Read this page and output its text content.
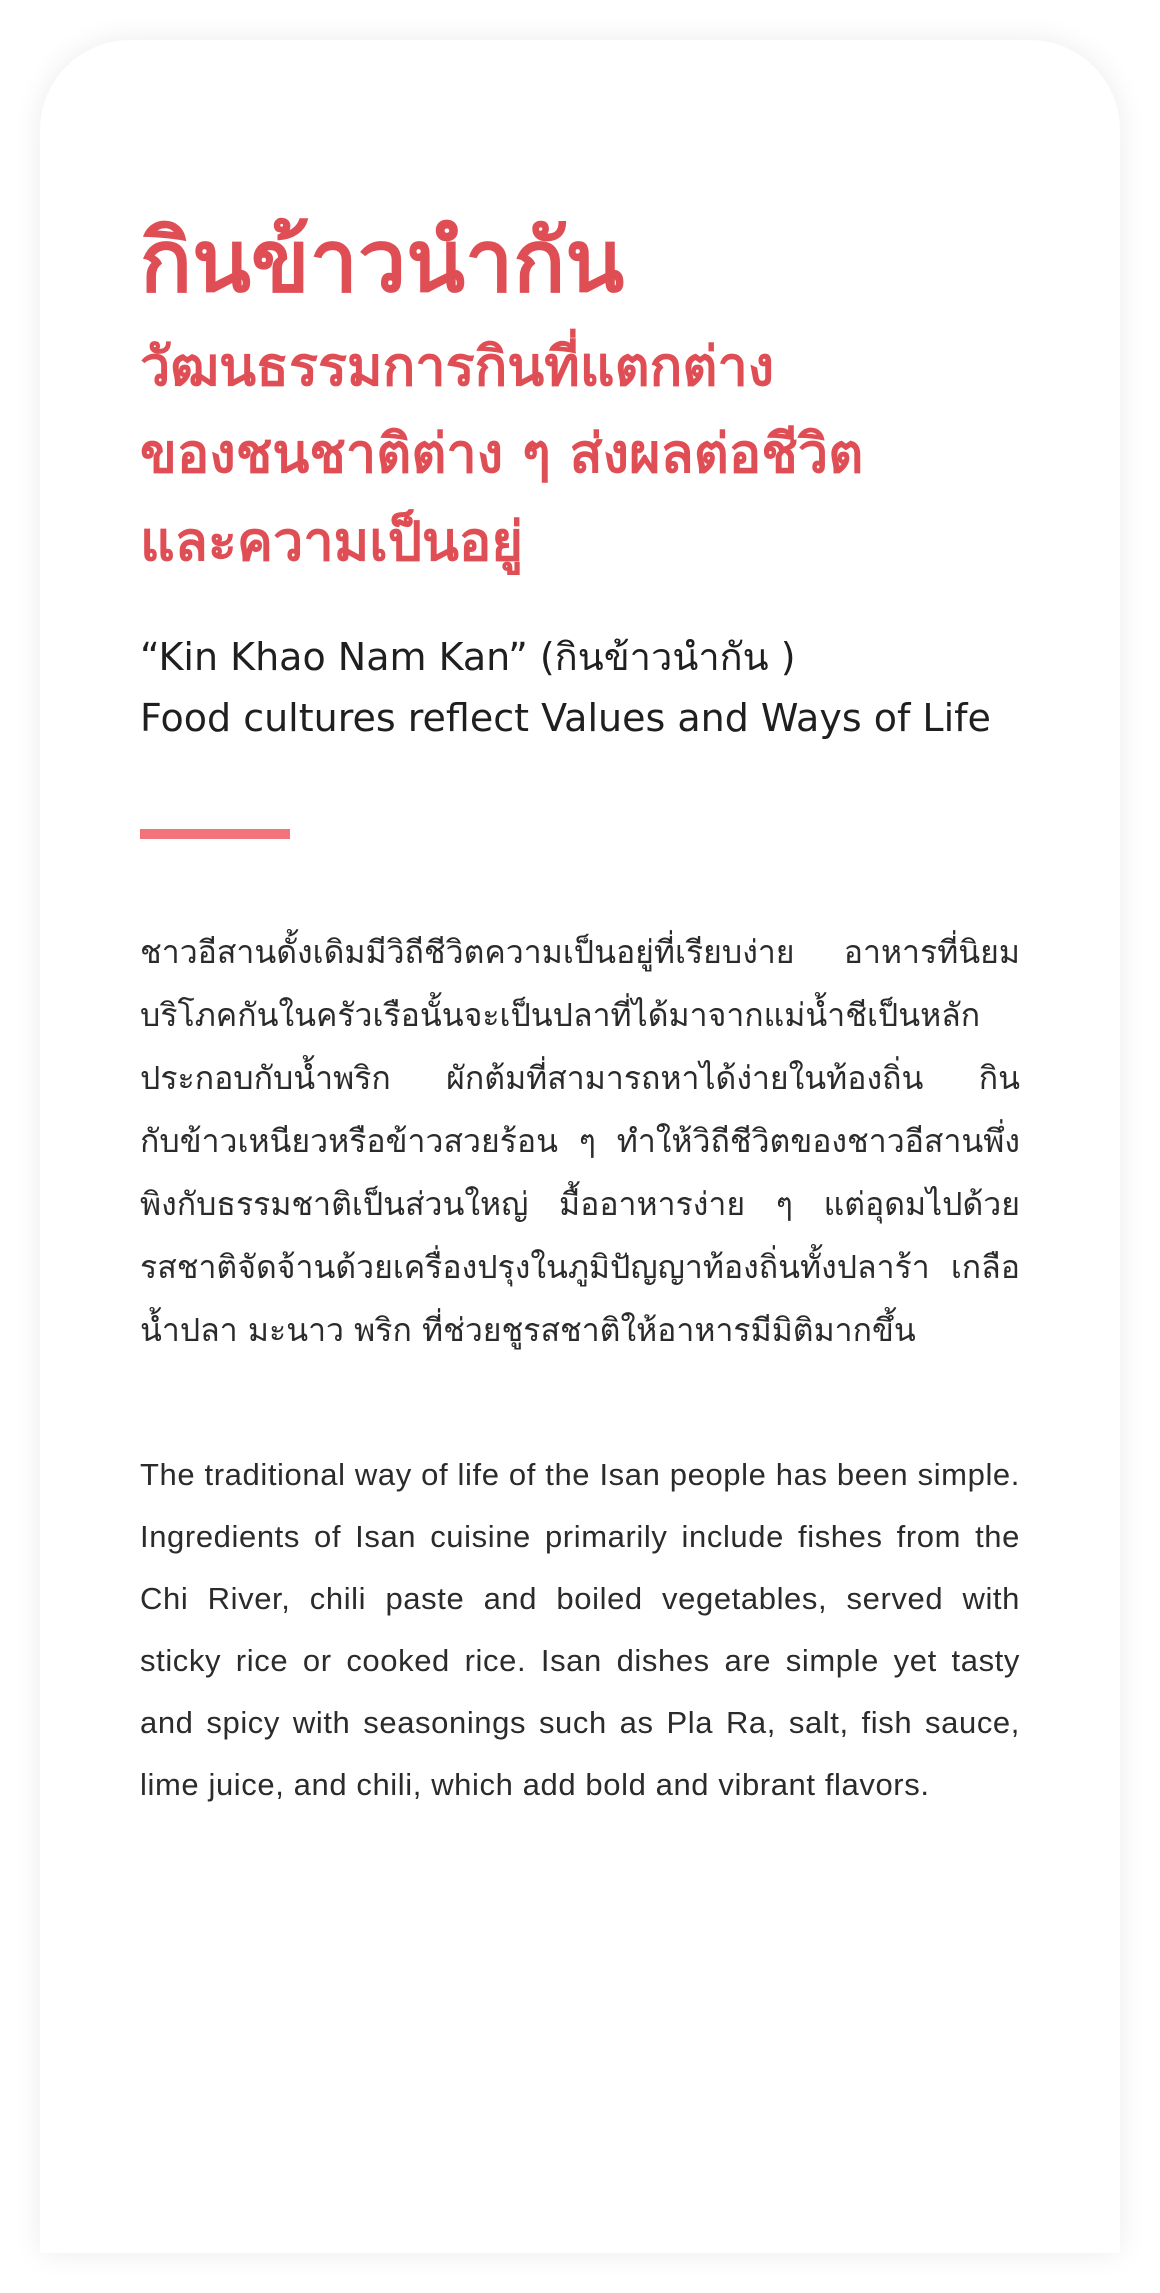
กินข้าวนำกัน
วัฒนธรรมการกินที่แตกต่าง
ของชนชาติต่าง ๆ ส่งผลต่อชีวิต
และความเป็นอยู่
“Kin Khao Nam Kan” (กินข้าวนำกัน )
Food cultures reflect Values and Ways of Life

ชาวอีสานดั้งเดิมมีวิถีชีวิตความเป็นอยู่ที่เรียบง่าย อาหารที่นิยมบริโภคกันในครัวเรือนั้นจะเป็นปลาที่ได้มาจากแม่น้ำชีเป็นหลัก ประกอบกับน้ำพริก ผักต้มที่สามารถหาได้ง่ายในท้องถิ่น กินกับข้าวเหนียวหรือข้าวสวยร้อน ๆ ทำให้วิถีชีวิตของชาวอีสานพึ่งพิงกับธรรมชาติเป็นส่วนใหญ่ มื้ออาหารง่าย ๆ แต่อุดมไปด้วยรสชาติจัดจ้านด้วยเครื่องปรุงในภูมิปัญญาท้องถิ่นทั้งปลาร้า เกลือ น้ำปลา มะนาว พริก ที่ช่วยชูรสชาติให้อาหารมีมิติมากขึ้น

The traditional way of life of the Isan people has been simple. Ingredients of Isan cuisine primarily include fishes from the Chi River, chili paste and boiled vegetables, served with sticky rice or cooked rice. Isan dishes are simple yet tasty and spicy with seasonings such as Pla Ra, salt, fish sauce, lime juice, and chili, which add bold and vibrant flavors.
